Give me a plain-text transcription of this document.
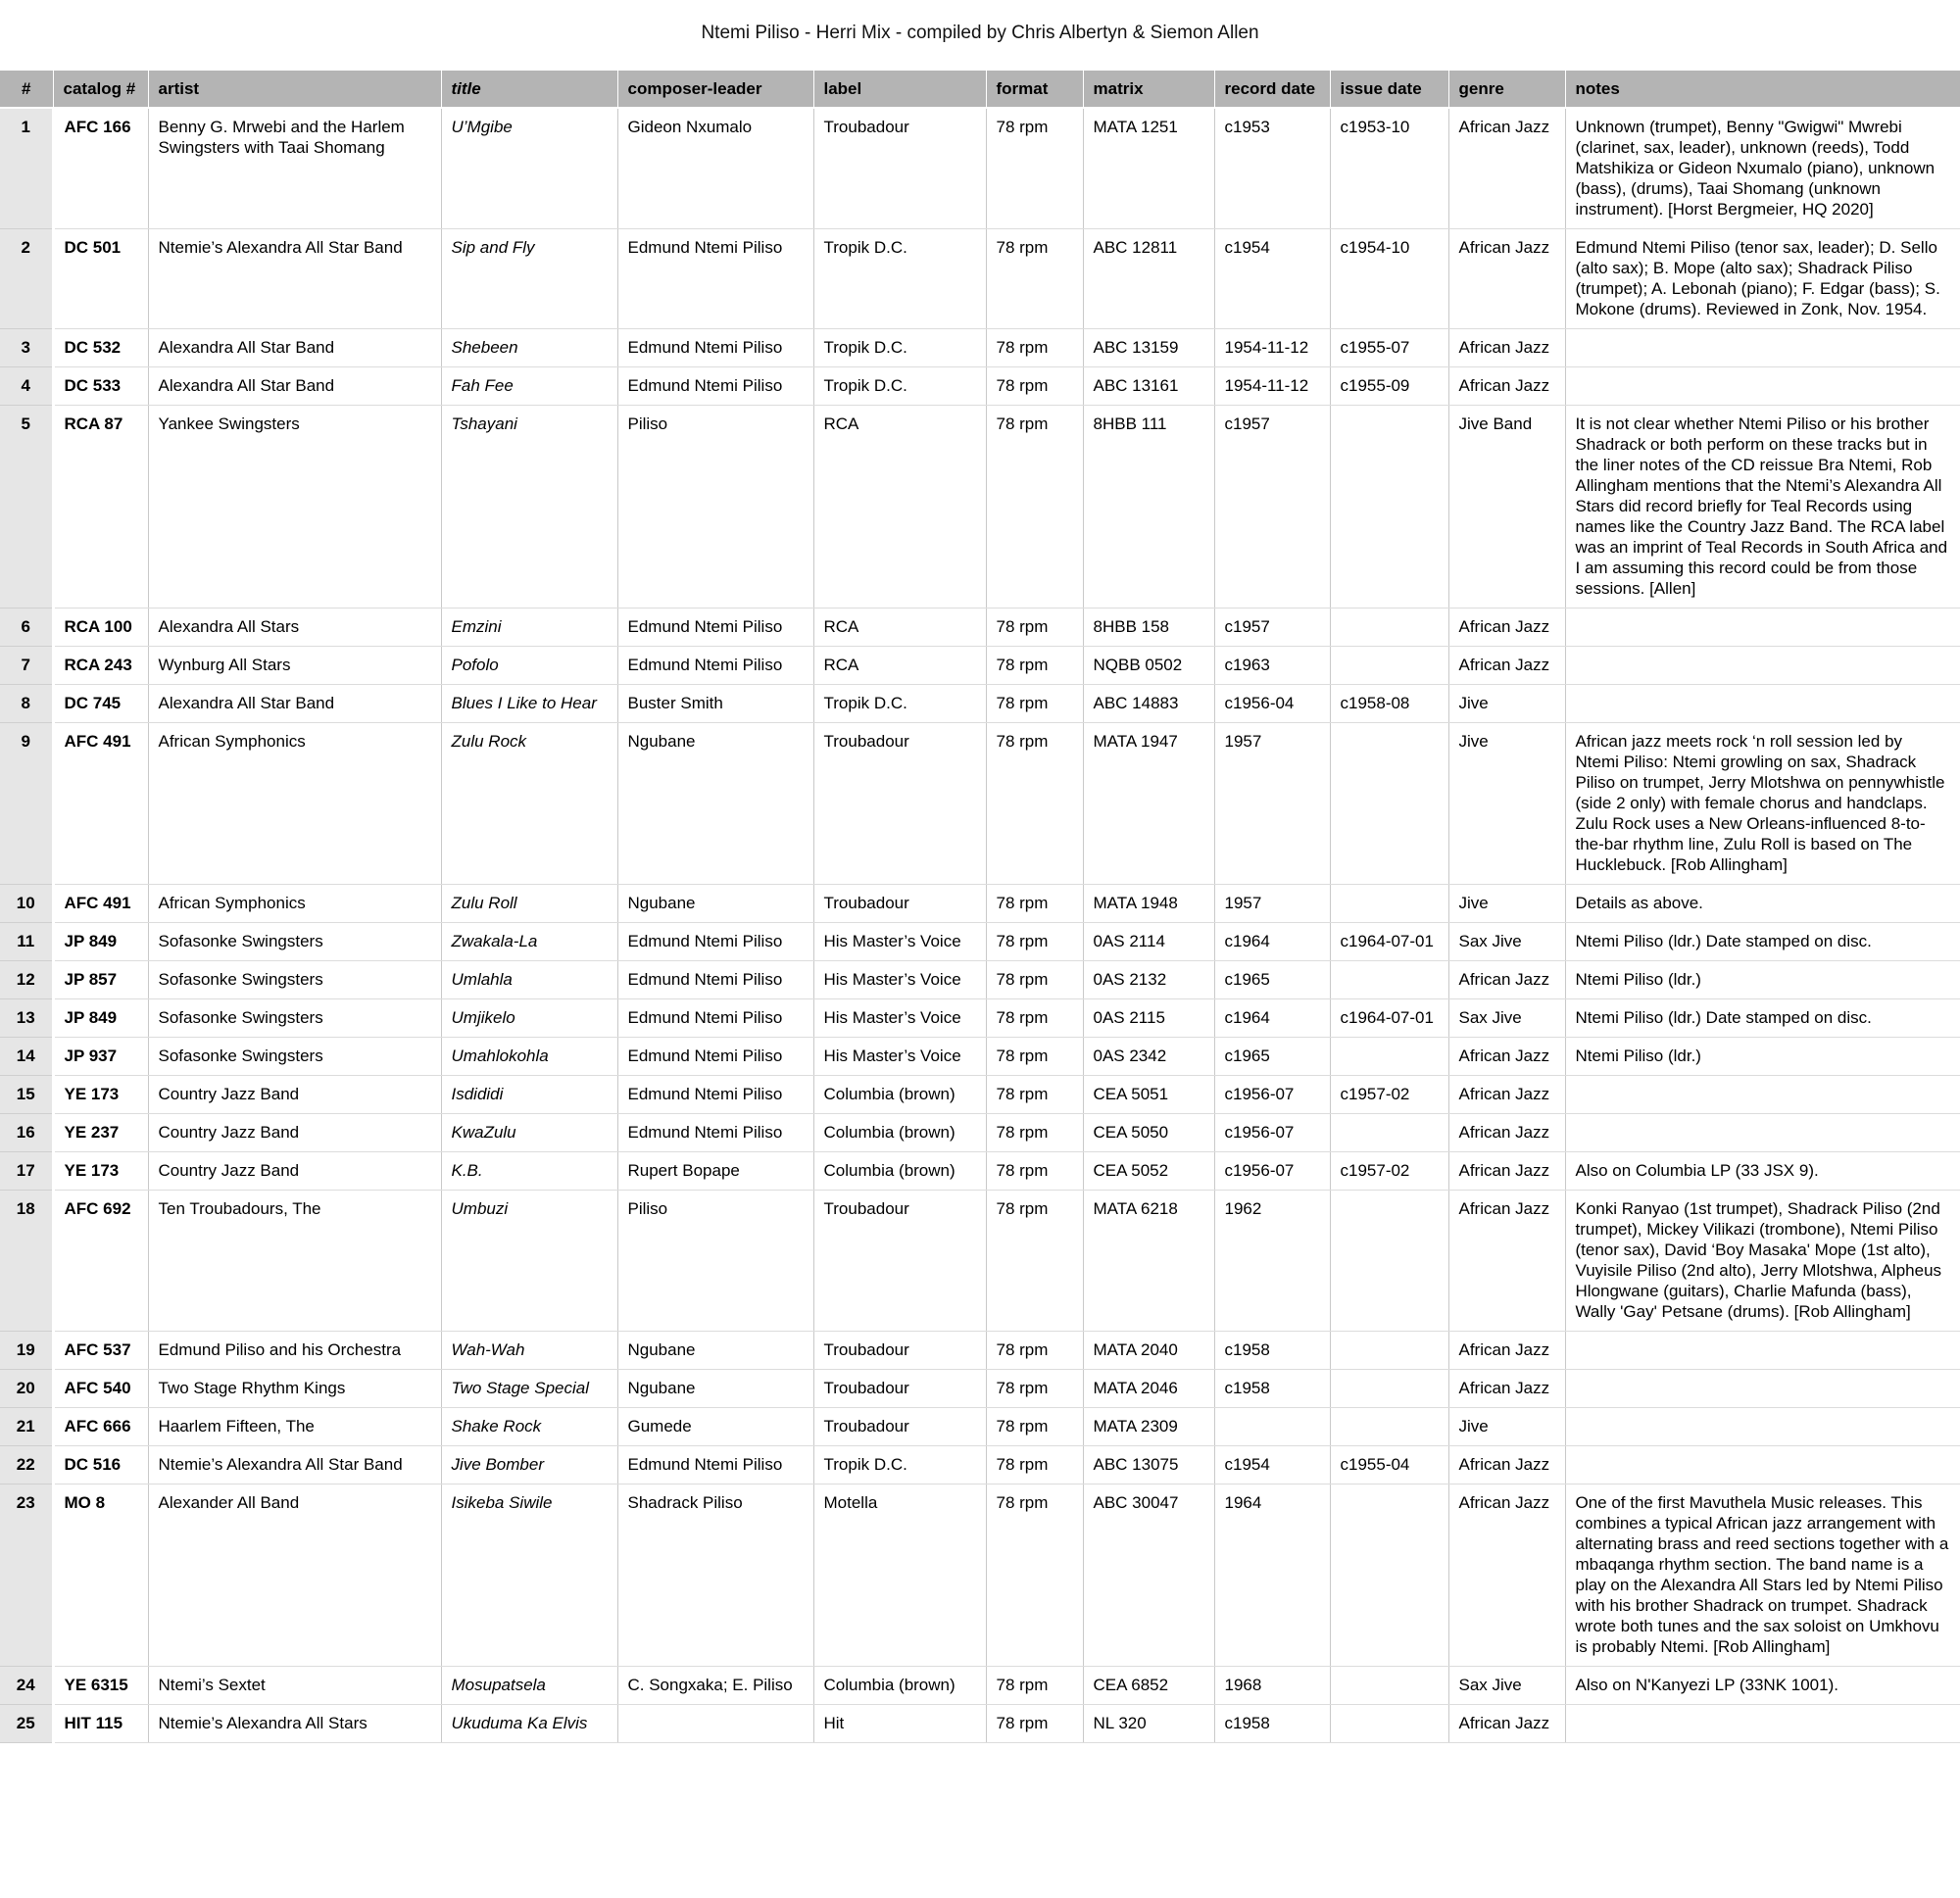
Ntemi Piliso - Herri Mix - compiled by Chris Albertyn & Siemon Allen
#	catalog #	artist	title	composer-leader	label	format	matrix	record date	issue date	genre	notes
1	AFC 166	Benny G. Mrwebi and the Harlem Swingsters with Taai Shomang	U’Mgibe	Gideon Nxumalo	Troubadour	78 rpm	MATA 1251	c1953	c1953-10	African Jazz	Unknown (trumpet), Benny "Gwigwi" Mwrebi (clarinet, sax, leader), unknown (reeds), Todd Matshikiza or Gideon Nxumalo (piano), unknown (bass), (drums), Taai Shomang (unknown instrument). [Horst Bergmeier, HQ 2020]
2	DC 501	Ntemie’s Alexandra All Star Band	Sip and Fly	Edmund Ntemi Piliso	Tropik D.C.	78 rpm	ABC 12811	c1954	c1954-10	African Jazz	Edmund Ntemi Piliso (tenor sax, leader); D. Sello (alto sax); B. Mope (alto sax); Shadrack Piliso (trumpet); A. Lebonah (piano); F. Edgar (bass); S. Mokone (drums). Reviewed in Zonk, Nov. 1954.
3	DC 532	Alexandra All Star Band	Shebeen	Edmund Ntemi Piliso	Tropik D.C.	78 rpm	ABC 13159	1954-11-12	c1955-07	African Jazz	
4	DC 533	Alexandra All Star Band	Fah Fee	Edmund Ntemi Piliso	Tropik D.C.	78 rpm	ABC 13161	1954-11-12	c1955-09	African Jazz	
5	RCA 87	Yankee Swingsters	Tshayani	Piliso	RCA	78 rpm	8HBB 111	c1957		Jive Band	It is not clear whether Ntemi Piliso or his brother Shadrack or both perform on these tracks but in the liner notes of the CD reissue Bra Ntemi, Rob Allingham mentions that the Ntemi’s Alexandra All Stars did record briefly for Teal Records using names like the Country Jazz Band. The RCA label was an imprint of Teal Records in South Africa and I am assuming this record could be from those sessions. [Allen]
6	RCA 100	Alexandra All Stars	Emzini	Edmund Ntemi Piliso	RCA	78 rpm	8HBB 158	c1957		African Jazz	
7	RCA 243	Wynburg All Stars	Pofolo	Edmund Ntemi Piliso	RCA	78 rpm	NQBB 0502	c1963		African Jazz	
8	DC 745	Alexandra All Star Band	Blues I Like to Hear	Buster Smith	Tropik D.C.	78 rpm	ABC 14883	c1956-04	c1958-08	Jive	
9	AFC 491	African Symphonics	Zulu Rock	Ngubane	Troubadour	78 rpm	MATA 1947	1957		Jive	African jazz meets rock ‘n roll session led by Ntemi Piliso: Ntemi growling on sax, Shadrack Piliso on trumpet, Jerry Mlotshwa on pennywhistle (side 2 only) with female chorus and handclaps. Zulu Rock uses a New Orleans-influenced 8-to-the-bar rhythm line, Zulu Roll is based on The Hucklebuck. [Rob Allingham]
10	AFC 491	African Symphonics	Zulu Roll	Ngubane	Troubadour	78 rpm	MATA 1948	1957		Jive	Details as above.
11	JP 849	Sofasonke Swingsters	Zwakala-La	Edmund Ntemi Piliso	His Master’s Voice	78 rpm	0AS 2114	c1964	c1964-07-01	Sax Jive	Ntemi Piliso (ldr.) Date stamped on disc.
12	JP 857	Sofasonke Swingsters	Umlahla	Edmund Ntemi Piliso	His Master’s Voice	78 rpm	0AS 2132	c1965		African Jazz	Ntemi Piliso (ldr.)
13	JP 849	Sofasonke Swingsters	Umjikelo	Edmund Ntemi Piliso	His Master’s Voice	78 rpm	0AS 2115	c1964	c1964-07-01	Sax Jive	Ntemi Piliso (ldr.) Date stamped on disc.
14	JP 937	Sofasonke Swingsters	Umahlokohla	Edmund Ntemi Piliso	His Master’s Voice	78 rpm	0AS 2342	c1965		African Jazz	Ntemi Piliso (ldr.)
15	YE 173	Country Jazz Band	Isdididi	Edmund Ntemi Piliso	Columbia (brown)	78 rpm	CEA 5051	c1956-07	c1957-02	African Jazz	
16	YE 237	Country Jazz Band	KwaZulu	Edmund Ntemi Piliso	Columbia (brown)	78 rpm	CEA 5050	c1956-07		African Jazz	
17	YE 173	Country Jazz Band	K.B.	Rupert Bopape	Columbia (brown)	78 rpm	CEA 5052	c1956-07	c1957-02	African Jazz	Also on Columbia LP (33 JSX 9).
18	AFC 692	Ten Troubadours, The	Umbuzi	Piliso	Troubadour	78 rpm	MATA 6218	1962		African Jazz	Konki Ranyao (1st trumpet), Shadrack Piliso (2nd trumpet), Mickey Vilikazi (trombone), Ntemi Piliso (tenor sax), David ‘Boy Masaka' Mope (1st alto), Vuyisile Piliso (2nd alto), Jerry Mlotshwa, Alpheus Hlongwane (guitars), Charlie Mafunda (bass), Wally 'Gay' Petsane (drums). [Rob Allingham]
19	AFC 537	Edmund Piliso and his Orchestra	Wah-Wah	Ngubane	Troubadour	78 rpm	MATA 2040	c1958		African Jazz	
20	AFC 540	Two Stage Rhythm Kings	Two Stage Special	Ngubane	Troubadour	78 rpm	MATA 2046	c1958		African Jazz	
21	AFC 666	Haarlem Fifteen, The	Shake Rock	Gumede	Troubadour	78 rpm	MATA 2309			Jive	
22	DC 516	Ntemie’s Alexandra All Star Band	Jive Bomber	Edmund Ntemi Piliso	Tropik D.C.	78 rpm	ABC 13075	c1954	c1955-04	African Jazz	
23	MO 8	Alexander All Band	Isikeba Siwile	Shadrack Piliso	Motella	78 rpm	ABC 30047	1964		African Jazz	One of the first Mavuthela Music releases. This combines a typical African jazz arrangement with alternating brass and reed sections together with a mbaqanga rhythm section. The band name is a play on the Alexandra All Stars led by Ntemi Piliso with his brother Shadrack on trumpet. Shadrack wrote both tunes and the sax soloist on Umkhovu is probably Ntemi. [Rob Allingham]
24	YE 6315	Ntemi’s Sextet	Mosupatsela	C. Songxaka; E. Piliso	Columbia (brown)	78 rpm	CEA 6852	1968		Sax Jive	Also on N'Kanyezi LP (33NK 1001).
25	HIT 115	Ntemie’s Alexandra All Stars	Ukuduma Ka Elvis		Hit	78 rpm	NL 320	c1958		African Jazz	
